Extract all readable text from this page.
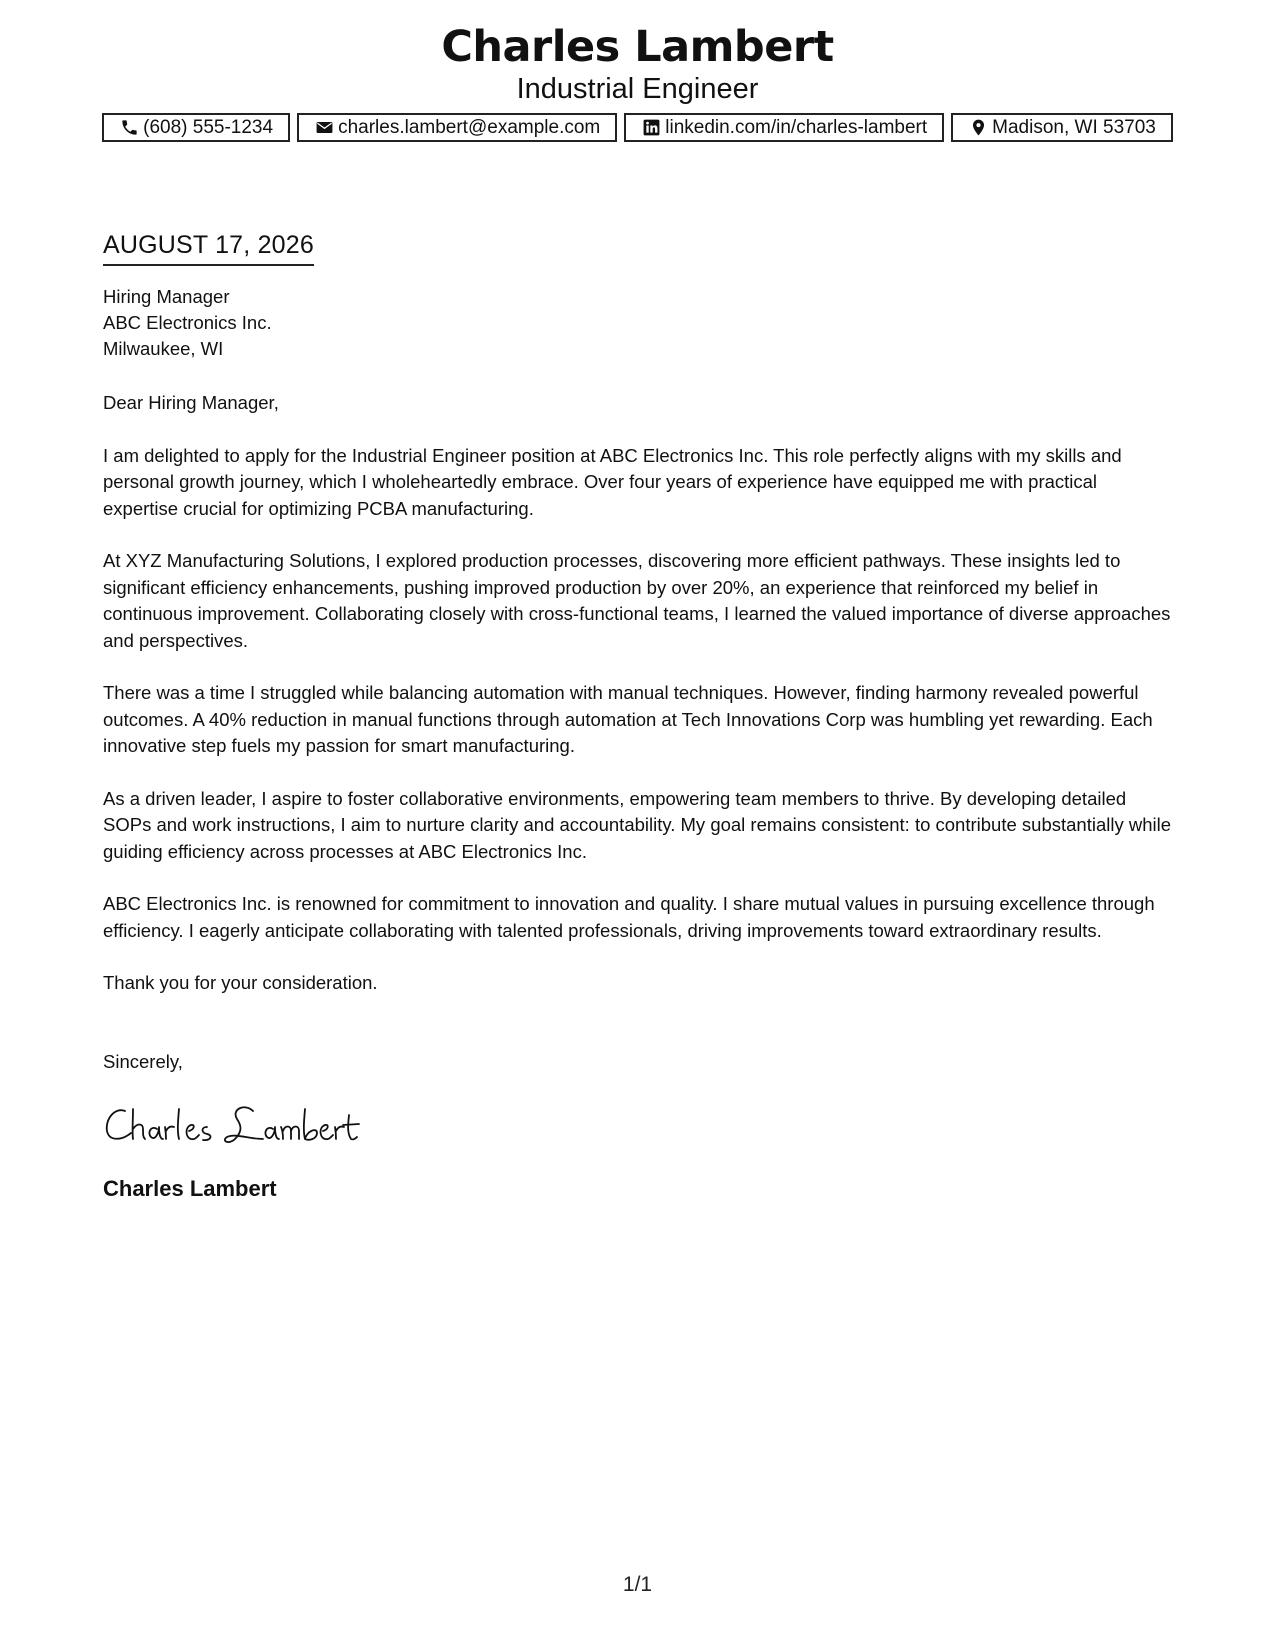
Charles Lambert
Industrial Engineer
(608) 555-1234	charles.lambert@example.com	linkedin.com/in/charles-lambert	Madison, WI 53703
AUGUST 17, 2026
Hiring Manager
ABC Electronics Inc.
Milwaukee, WI
Dear Hiring Manager,

I am delighted to apply for the Industrial Engineer position at ABC Electronics Inc. This role perfectly aligns with my skills and personal growth journey, which I wholeheartedly embrace. Over four years of experience have equipped me with practical expertise crucial for optimizing PCBA manufacturing.

At XYZ Manufacturing Solutions, I explored production processes, discovering more efficient pathways. These insights led to significant efficiency enhancements, pushing improved production by over 20%, an experience that reinforced my belief in continuous improvement. Collaborating closely with cross-functional teams, I learned the valued importance of diverse approaches and perspectives.

There was a time I struggled while balancing automation with manual techniques. However, finding harmony revealed powerful outcomes. A 40% reduction in manual functions through automation at Tech Innovations Corp was humbling yet rewarding. Each innovative step fuels my passion for smart manufacturing.

As a driven leader, I aspire to foster collaborative environments, empowering team members to thrive. By developing detailed SOPs and work instructions, I aim to nurture clarity and accountability. My goal remains consistent: to contribute substantially while guiding efficiency across processes at ABC Electronics Inc.

ABC Electronics Inc. is renowned for commitment to innovation and quality. I share mutual values in pursuing excellence through efficiency. I eagerly anticipate collaborating with talented professionals, driving improvements toward extraordinary results.

Thank you for your consideration.

Sincerely,
Charles Lambert
1/1
